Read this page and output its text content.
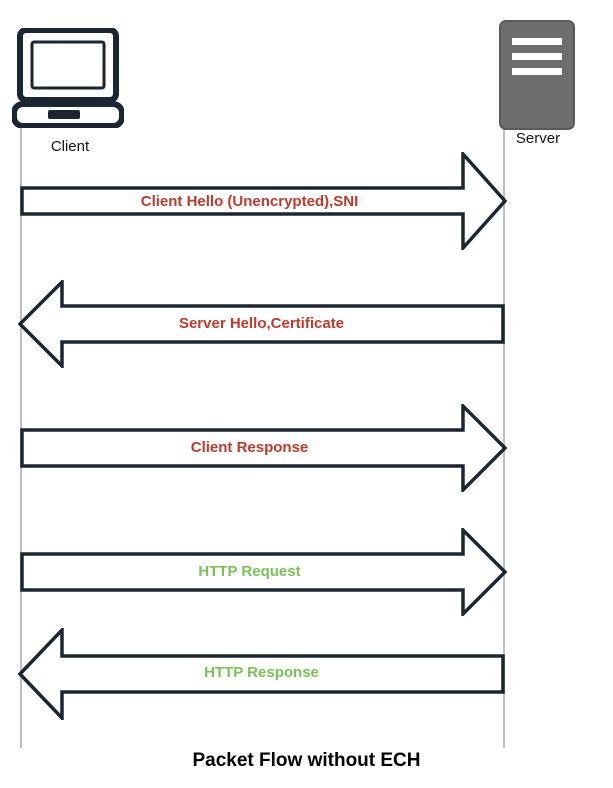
Client	Server
Client Hello (Unencrypted),SNI
Server Hello,Certificate
Client Response
HTTP Request
HTTP Response
Packet Flow without ECH
